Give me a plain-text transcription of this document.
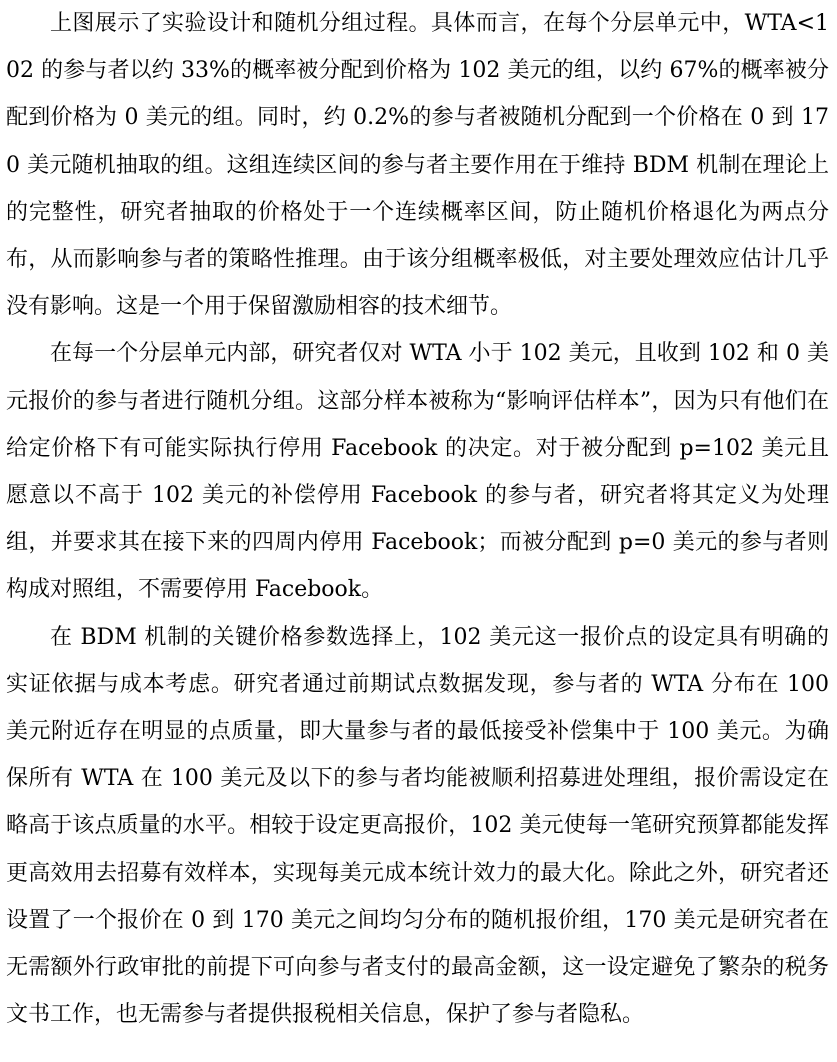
上图展示了实验设计和随机分组过程。具体而言，在每个分层单元中，WTA<102 的参与者以约 33%的概率被分配到价格为 102 美元的组，以约 67%的概率被分配到价格为 0 美元的组。同时，约 0.2%的参与者被随机分配到一个价格在 0 到 170 美元随机抽取的组。这组连续区间的参与者主要作用在于维持 BDM 机制在理论上的完整性，研究者抽取的价格处于一个连续概率区间，防止随机价格退化为两点分布，从而影响参与者的策略性推理。由于该分组概率极低，对主要处理效应估计几乎没有影响。这是一个用于保留激励相容的技术细节。

在每一个分层单元内部，研究者仅对 WTA 小于 102 美元，且收到 102 和 0 美元报价的参与者进行随机分组。这部分样本被称为“影响评估样本”，因为只有他们在给定价格下有可能实际执行停用 Facebook 的决定。对于被分配到 p=102 美元且愿意以不高于 102 美元的补偿停用 Facebook 的参与者，研究者将其定义为处理组，并要求其在接下来的四周内停用 Facebook；而被分配到 p=0 美元的参与者则构成对照组，不需要停用 Facebook。

在 BDM 机制的关键价格参数选择上，102 美元这一报价点的设定具有明确的实证依据与成本考虑。研究者通过前期试点数据发现，参与者的 WTA 分布在 100 美元附近存在明显的点质量，即大量参与者的最低接受补偿集中于 100 美元。为确保所有 WTA 在 100 美元及以下的参与者均能被顺利招募进处理组，报价需设定在略高于该点质量的水平。相较于设定更高报价，102 美元使每一笔研究预算都能发挥更高效用去招募有效样本，实现每美元成本统计效力的最大化。除此之外，研究者还设置了一个报价在 0 到 170 美元之间均匀分布的随机报价组，170 美元是研究者在无需额外行政审批的前提下可向参与者支付的最高金额，这一设定避免了繁杂的税务文书工作，也无需参与者提供报税相关信息，保护了参与者隐私。
